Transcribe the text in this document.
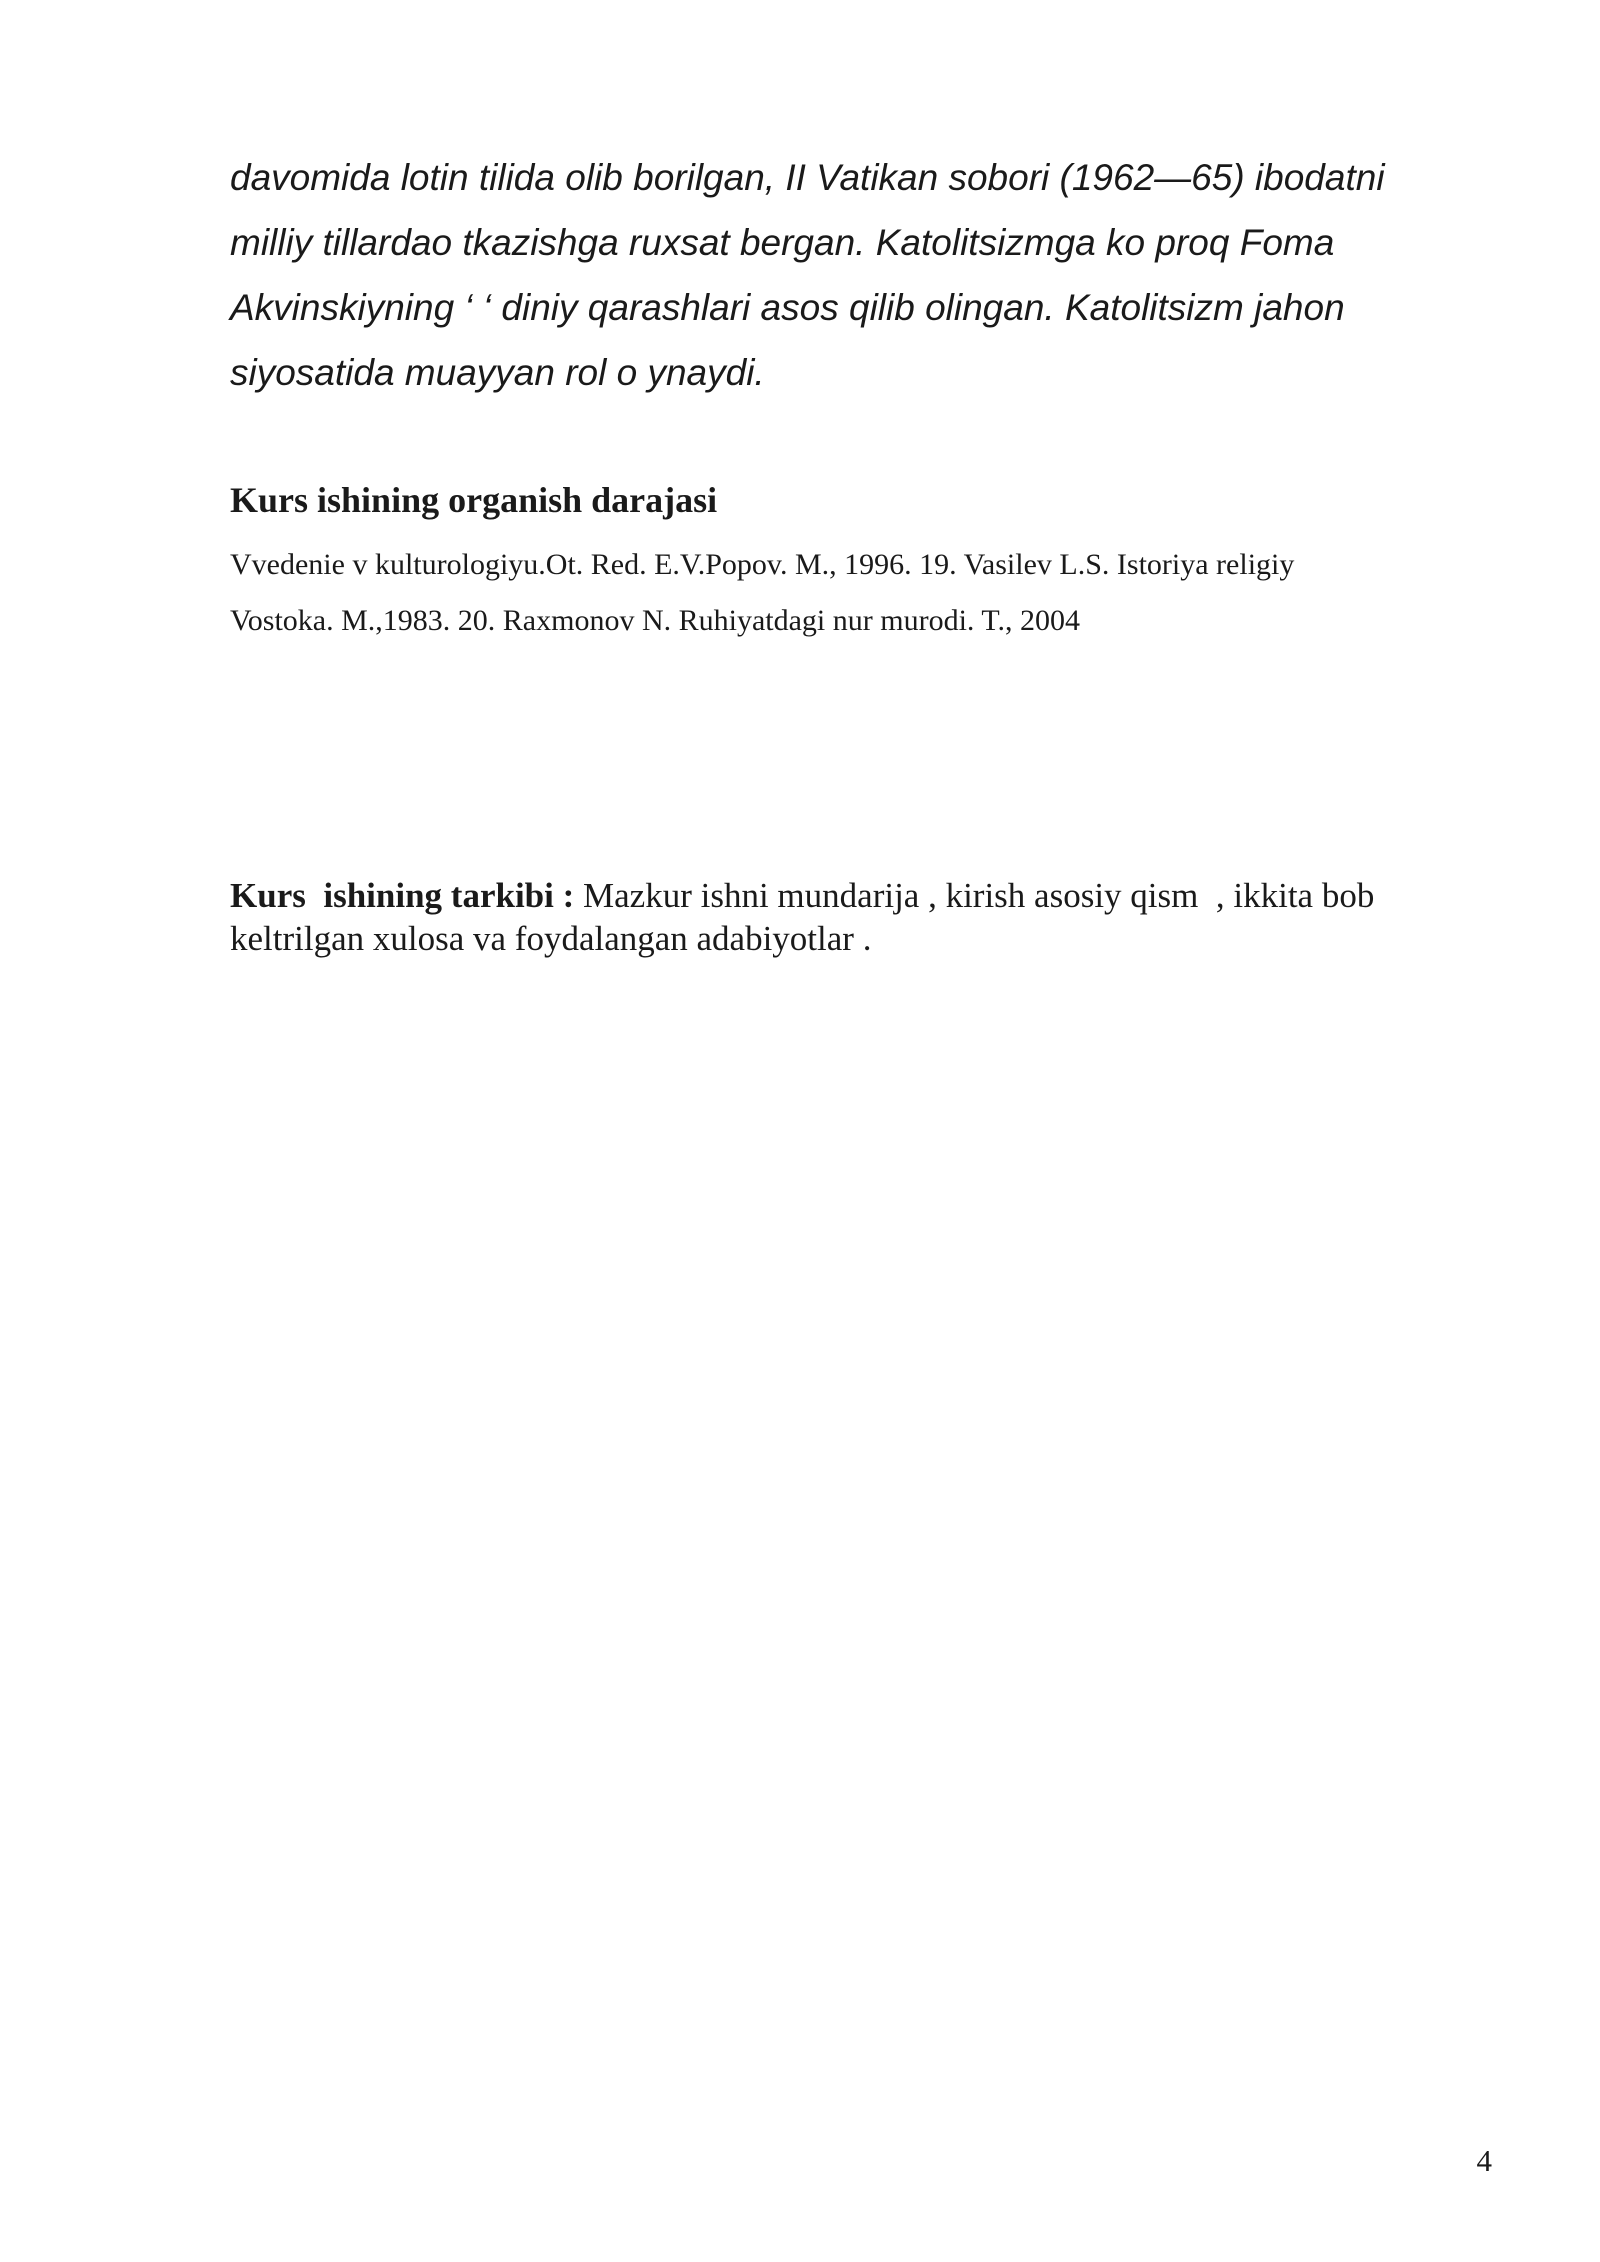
davomida lotin tilida olib borilgan, II Vatikan sobori (1962—65) ibodatni
milliy tillardao tkazishga ruxsat bergan. Katolitsizmga ko proq Foma
Akvinskiyning ‘ ‘ diniy qarashlari asos qilib olingan. Katolitsizm jahon
siyosatida muayyan rol o ynaydi.

Kurs ishining organish darajasi

Vvedenie v kulturologiyu.Ot. Red. E.V.Popov. M., 1996. 19. Vasilev L.S. Istoriya religiy
Vostoka. M.,1983. 20. Raxmonov N. Ruhiyatdagi nur murodi. T., 2004

Kurs  ishining tarkibi : Mazkur ishni mundarija , kirish asosiy qism  , ikkita bob
keltrilgan xulosa va foydalangan adabiyotlar .

4
